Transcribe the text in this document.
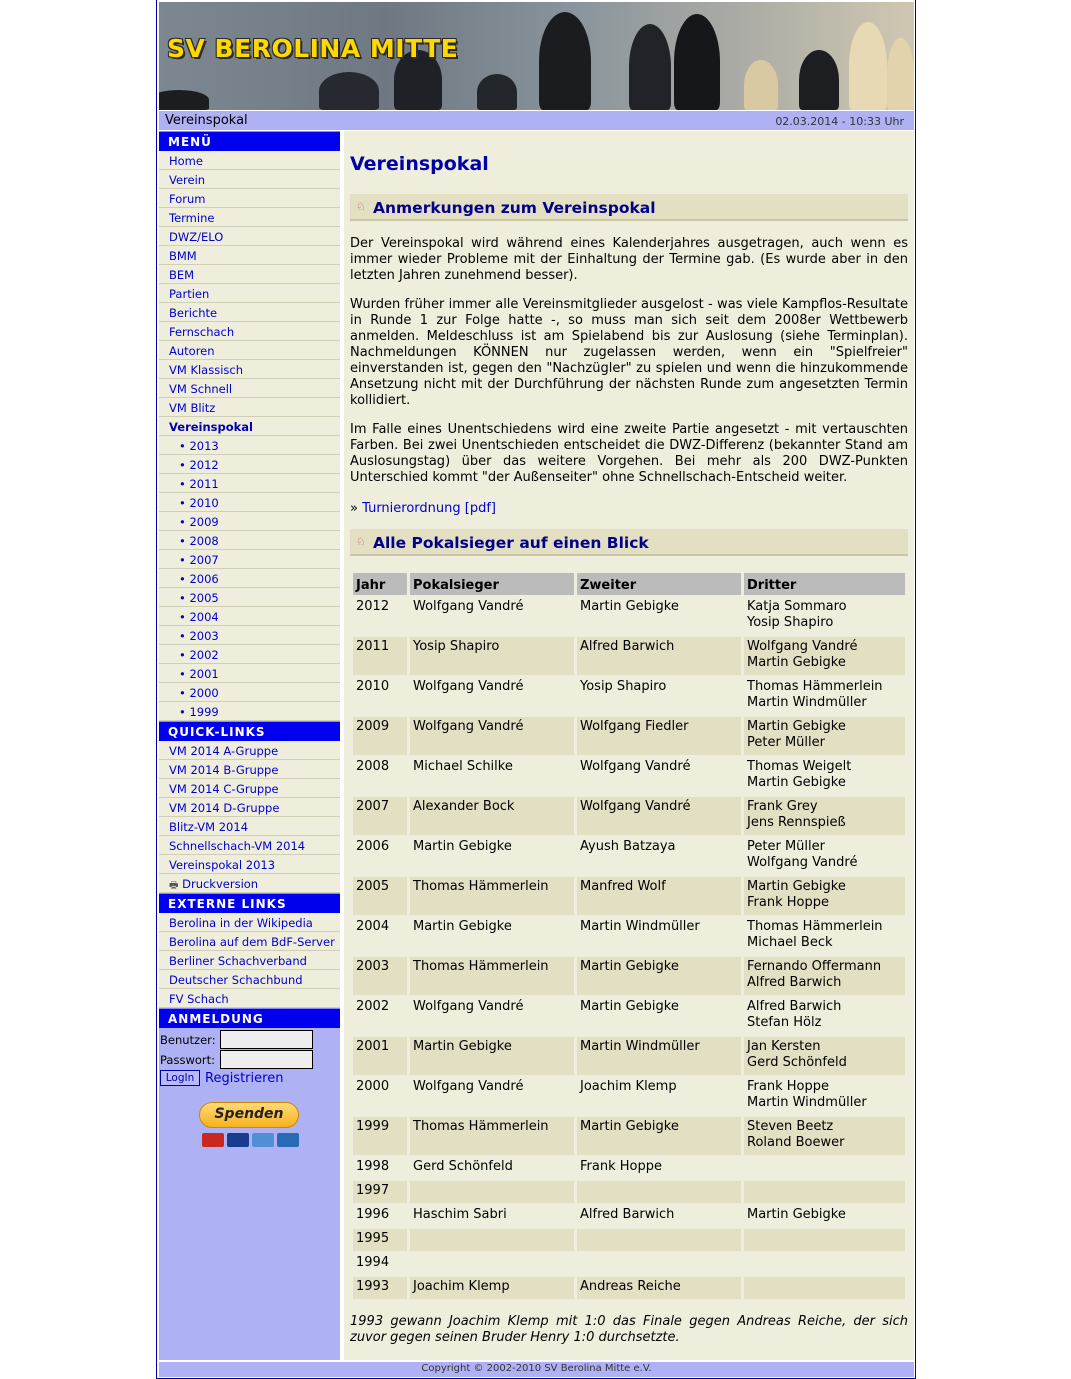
SV BEROLINA MITTE
Vereinspokal	02.03.2014 - 10:33 Uhr
MENÜ
Home
Verein
Forum
Termine
DWZ/ELO
BMM
BEM
Partien
Berichte
Fernschach
Autoren
VM Klassisch
VM Schnell
VM Blitz
Vereinspokal
• 2013
• 2012
• 2011
• 2010
• 2009
• 2008
• 2007
• 2006
• 2005
• 2004
• 2003
• 2002
• 2001
• 2000
• 1999
QUICK-LINKS
VM 2014 A-Gruppe
VM 2014 B-Gruppe
VM 2014 C-Gruppe
VM 2014 D-Gruppe
Blitz-VM 2014
Schnellschach-VM 2014
Vereinspokal 2013
🖶 Druckversion
EXTERNE LINKS
Berolina in der Wikipedia
Berolina auf dem BdF-Server
Berliner Schachverband
Deutscher Schachbund
FV Schach
ANMELDUNG
Benutzer:
Passwort:
LogIn Registrieren
Spenden
Vereinspokal
♘ Anmerkungen zum Vereinspokal

Der Vereinspokal wird während eines Kalenderjahres ausgetragen, auch wenn es immer wieder Probleme mit der Einhaltung der Termine gab. (Es wurde aber in den letzten Jahren zunehmend besser).

Wurden früher immer alle Vereinsmitglieder ausgelost - was viele Kampflos-Resultate in Runde 1 zur Folge hatte -, so muss man sich seit dem 2008er Wettbewerb anmelden. Meldeschluss ist am Spielabend bis zur Auslosung (siehe Terminplan). Nachmeldungen KÖNNEN nur zugelassen werden, wenn ein "Spielfreier" einverstanden ist, gegen den "Nachzügler" zu spielen und wenn die hinzukommende Ansetzung nicht mit der Durchführung der nächsten Runde zum angesetzten Termin kollidiert.

Im Falle eines Unentschiedens wird eine zweite Partie angesetzt - mit vertauschten Farben. Bei zwei Unentschieden entscheidet die DWZ-Differenz (bekannter Stand am Auslosungstag) über das weitere Vorgehen. Bei mehr als 200 DWZ-Punkten Unterschied kommt "der Außenseiter" ohne Schnellschach-Entscheid weiter.

» Turnierordnung [pdf]
♘ Alle Pokalsieger auf einen Blick
Jahr	Pokalsieger	Zweiter	Dritter
2012	Wolfgang Vandré	Martin Gebigke	Katja Sommaro
Yosip Shapiro
2011	Yosip Shapiro	Alfred Barwich	Wolfgang Vandré
Martin Gebigke
2010	Wolfgang Vandré	Yosip Shapiro	Thomas Hämmerlein
Martin Windmüller
2009	Wolfgang Vandré	Wolfgang Fiedler	Martin Gebigke
Peter Müller
2008	Michael Schilke	Wolfgang Vandré	Thomas Weigelt
Martin Gebigke
2007	Alexander Bock	Wolfgang Vandré	Frank Grey
Jens Rennspieß
2006	Martin Gebigke	Ayush Batzaya	Peter Müller
Wolfgang Vandré
2005	Thomas Hämmerlein	Manfred Wolf	Martin Gebigke
Frank Hoppe
2004	Martin Gebigke	Martin Windmüller	Thomas Hämmerlein
Michael Beck
2003	Thomas Hämmerlein	Martin Gebigke	Fernando Offermann
Alfred Barwich
2002	Wolfgang Vandré	Martin Gebigke	Alfred Barwich
Stefan Hölz
2001	Martin Gebigke	Martin Windmüller	Jan Kersten
Gerd Schönfeld
2000	Wolfgang Vandré	Joachim Klemp	Frank Hoppe
Martin Windmüller
1999	Thomas Hämmerlein	Martin Gebigke	Steven Beetz
Roland Boewer
1998	Gerd Schönfeld	Frank Hoppe	

1997			

1996	Haschim Sabri	Alfred Barwich	Martin Gebigke

1995			

1994			

1993	Joachim Klemp	Andreas Reiche	

1993 gewann Joachim Klemp mit 1:0 das Finale gegen Andreas Reiche, der sich zuvor gegen seinen Bruder Henry 1:0 durchsetzte.

Copyright © 2002-2010 SV Berolina Mitte e.V.
